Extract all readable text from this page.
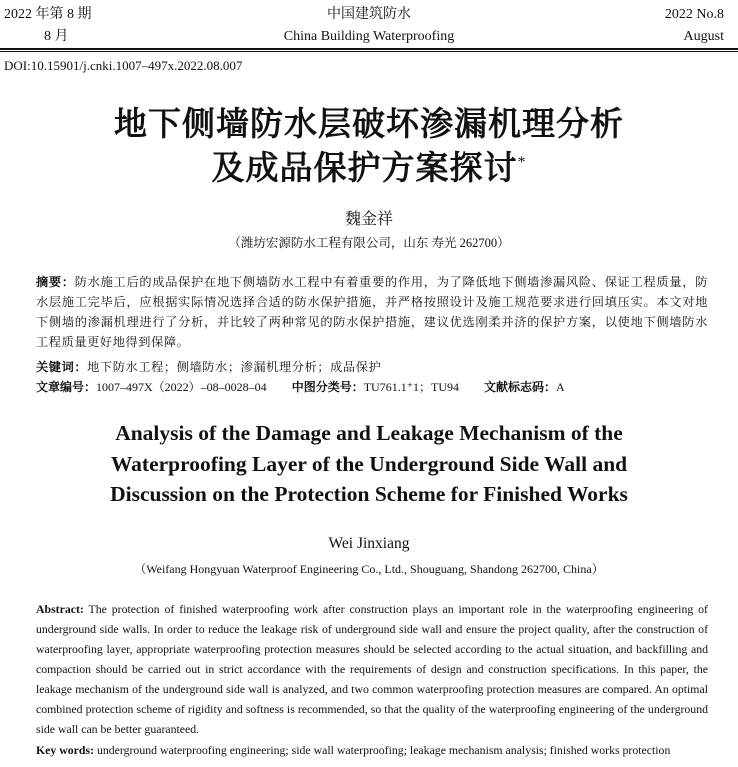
2022 年第 8 期
8 月
中国建筑防水
China Building Waterproofing
2022 No.8
August
DOI:10.15901/j.cnki.1007–497x.2022.08.007
地下侧墙防水层破坏渗漏机理分析
及成品保护方案探讨*
魏金祥
（潍坊宏源防水工程有限公司，山东 寿光 262700）
摘要：防水施工后的成品保护在地下侧墙防水工程中有着重要的作用，为了降低地下侧墙渗漏风险、保证工程质量，防水层施工完毕后，应根据实际情况选择合适的防水保护措施，并严格按照设计及施工规范要求进行回填压实。本文对地下侧墙的渗漏机理进行了分析，并比较了两种常见的防水保护措施，建议优选刚柔并济的保护方案，以使地下侧墙防水工程质量更好地得到保障。
关键词：地下防水工程；侧墙防水；渗漏机理分析；成品保护
文章编号：1007–497X（2022）–08–0028–04 中图分类号：TU761.1⁺1；TU94 文献标志码：A
Analysis of the Damage and Leakage Mechanism of the
Waterproofing Layer of the Underground Side Wall and
Discussion on the Protection Scheme for Finished Works
Wei Jinxiang
（Weifang Hongyuan Waterproof Engineering Co., Ltd., Shouguang, Shandong 262700, China）
Abstract: The protection of finished waterproofing work after construction plays an important role in the waterproofing engineering of underground side walls. In order to reduce the leakage risk of underground side wall and ensure the project quality, after the construction of waterproofing layer, appropriate waterproofing protection measures should be selected according to the actual situation, and backfilling and compaction should be carried out in strict accordance with the requirements of design and construction specifications. In this paper, the leakage mechanism of the underground side wall is analyzed, and two common waterproofing protection measures are compared. An optimal combined protection scheme of rigidity and softness is recommended, so that the quality of the waterproofing engineering of the underground side wall can be better guaranteed.
Key words: underground waterproofing engineering; side wall waterproofing; leakage mechanism analysis; finished works protection
